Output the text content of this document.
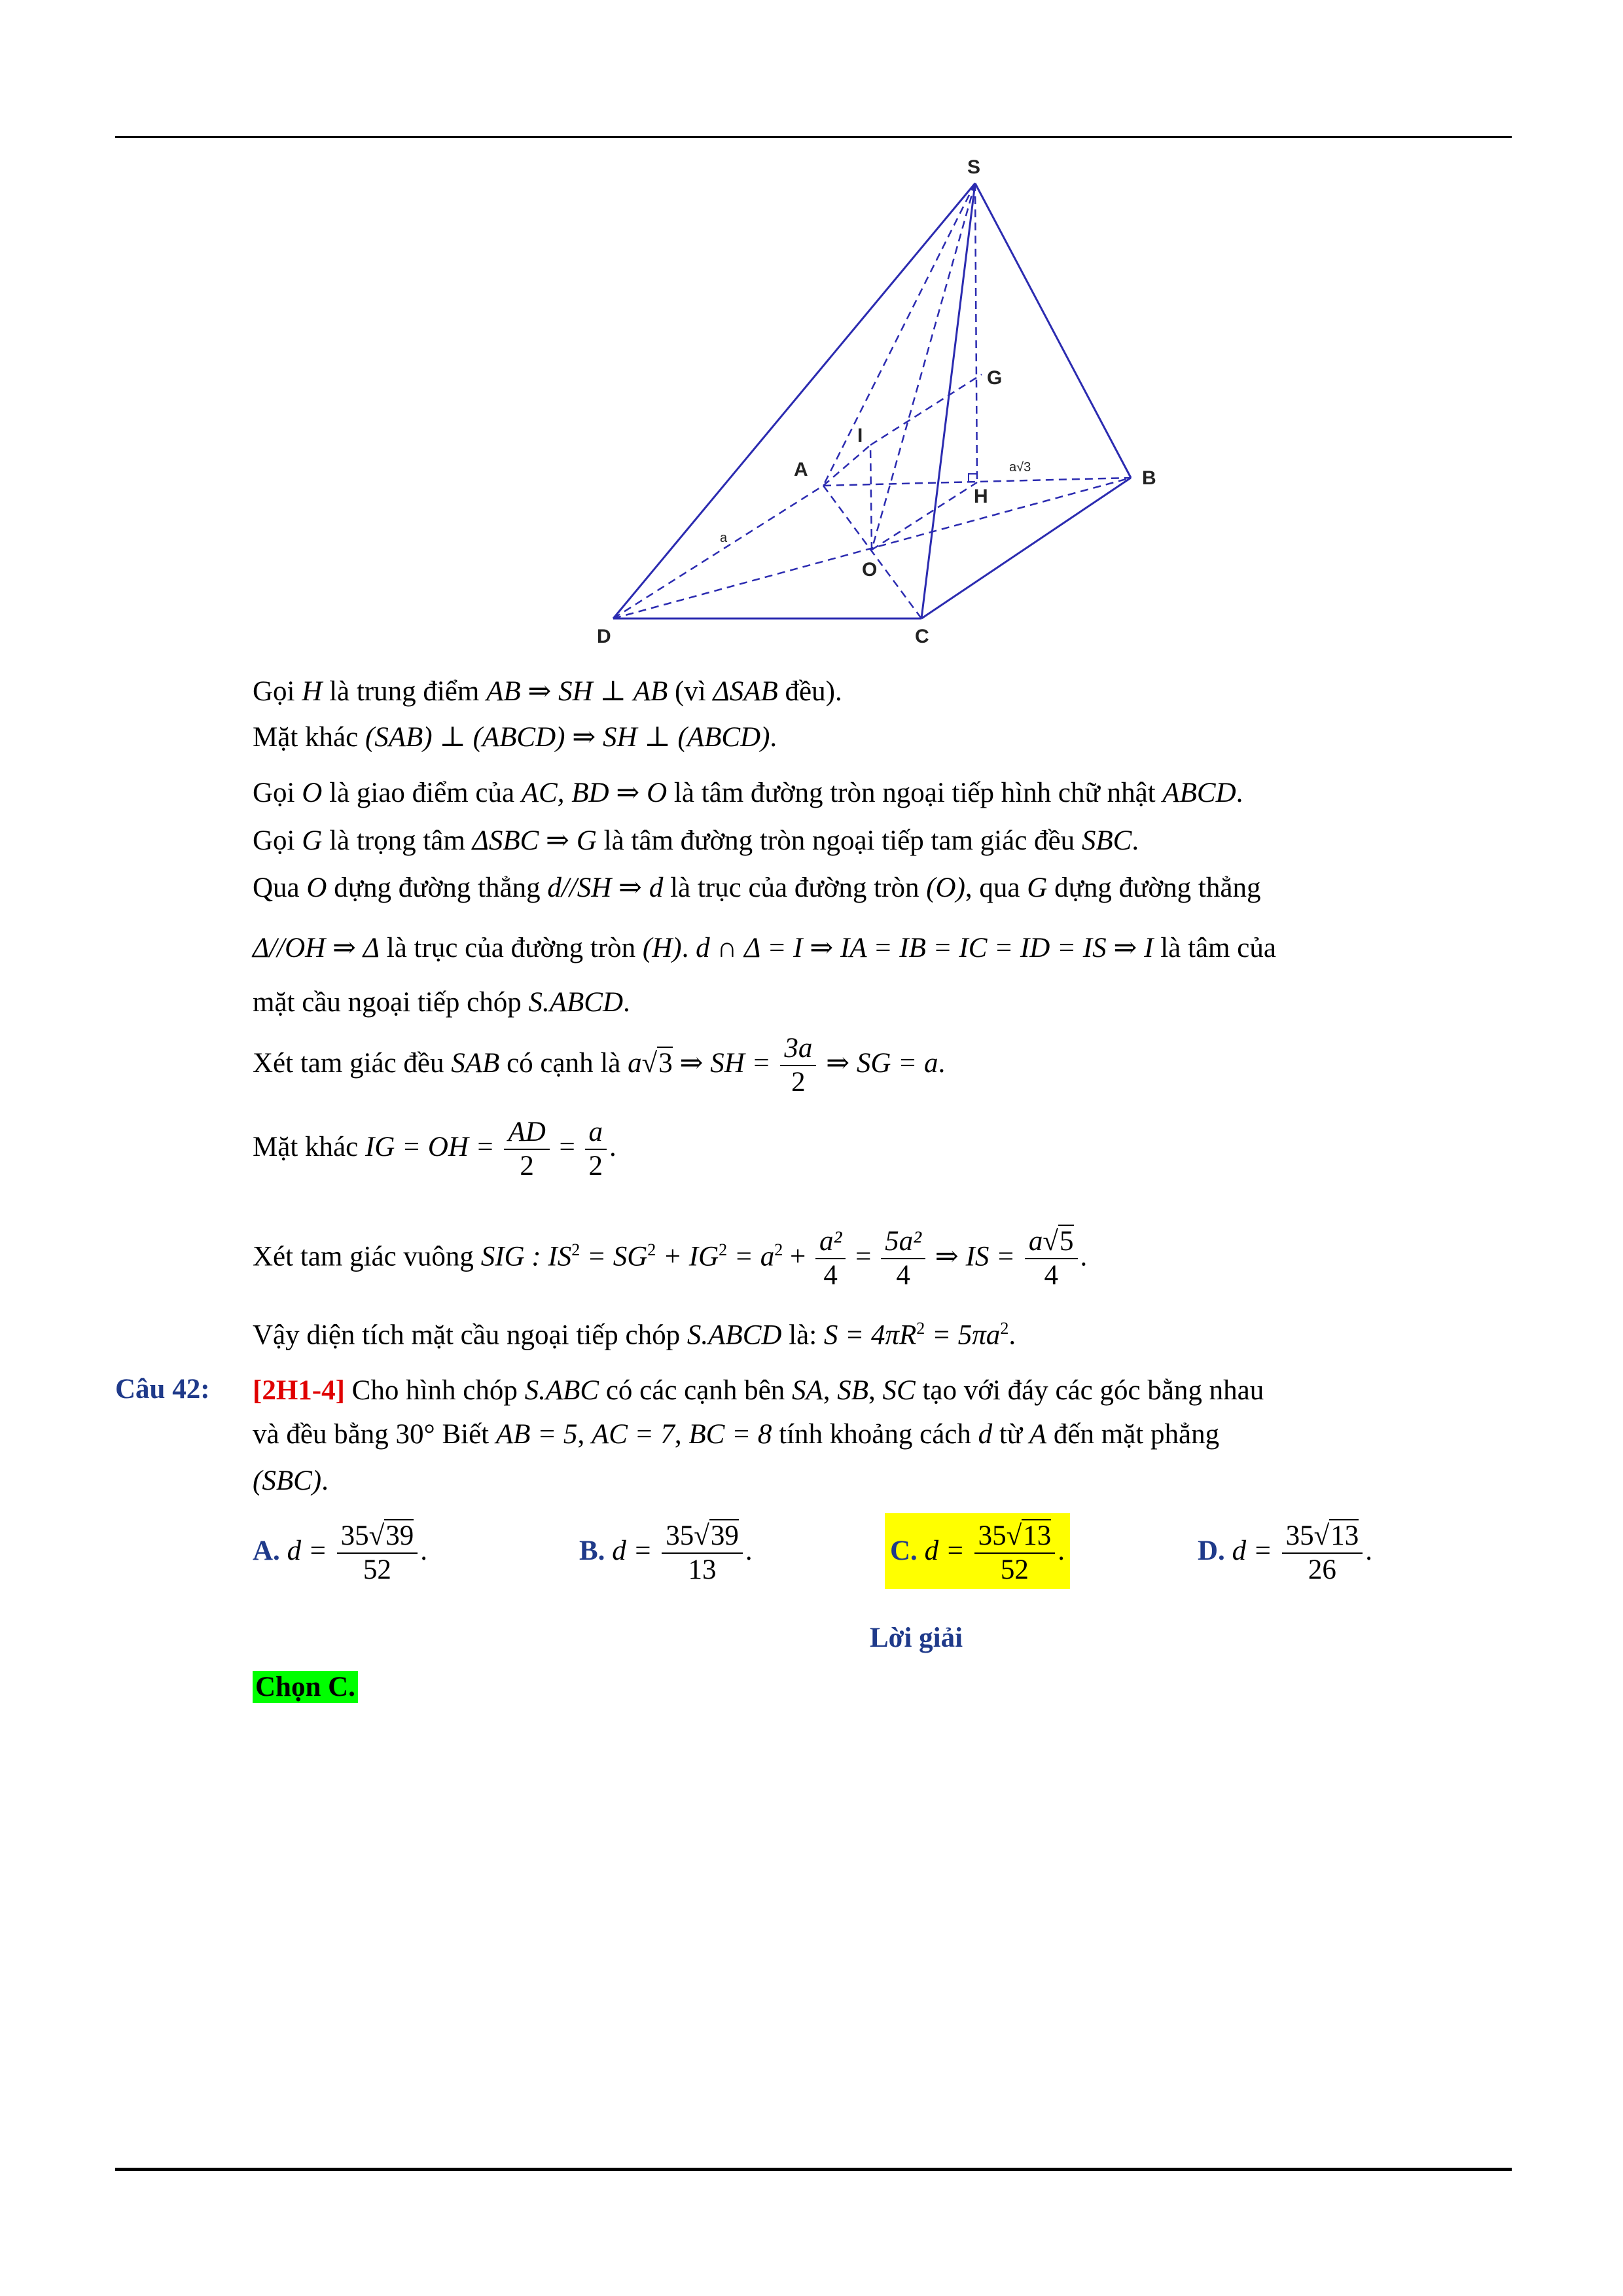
S
A	B
C
D
G
I
H
O
a
a√3
Gọi H là trung điểm AB ⇒ SH ⊥ AB (vì ΔSAB đều).
Mặt khác (SAB) ⊥ (ABCD) ⇒ SH ⊥ (ABCD).
Gọi O là giao điểm của AC, BD ⇒ O là tâm đường tròn ngoại tiếp hình chữ nhật ABCD.
Gọi G là trọng tâm ΔSBC ⇒ G là tâm đường tròn ngoại tiếp tam giác đều SBC.
Qua O dựng đường thẳng d//SH ⇒ d là trục của đường tròn (O), qua G dựng đường thẳng
Δ//OH ⇒ Δ là trục của đường tròn (H). d ∩ Δ = I ⇒ IA = IB = IC = ID = IS ⇒ I là tâm của
mặt cầu ngoại tiếp chóp S.ABCD.
Xét tam giác đều SAB có cạnh là a√3 ⇒ SH = $\frac{3a}{2}$ ⇒ SG = a.
Mặt khác IG = OH = $\frac{AD}{2} = \frac{a}{2}$ .
Xét tam giác vuông SIG : $IS^2 = SG^2 + IG^2 = a^2 + \frac{\text{a²}}{4} = \frac{\text{5a²}}{4}$ ⇒ IS = $\frac{a√5}{4}$ .
Vậy diện tích mặt cầu ngoại tiếp chóp S.ABCD là: $S = 4\pi R^2 = 5\pi a^2$.
Câu 42: [2H1-4] Cho hình chóp S.ABC có các cạnh bên SA, SB, SC tạo với đáy các góc bằng nhau
và đều bằng 30° Biết AB = 5, AC = 7, BC = 8 tính khoảng cách d từ A đến mặt phẳng
(SBC).
A. $d = \frac{35√39}{52}$ .	B. $d = \frac{35√39}{13}$ .	C. $d = \frac{35√13}{52}$ .	D. $d = \frac{35√13}{26}$ .
Lời giải
Chọn C.
